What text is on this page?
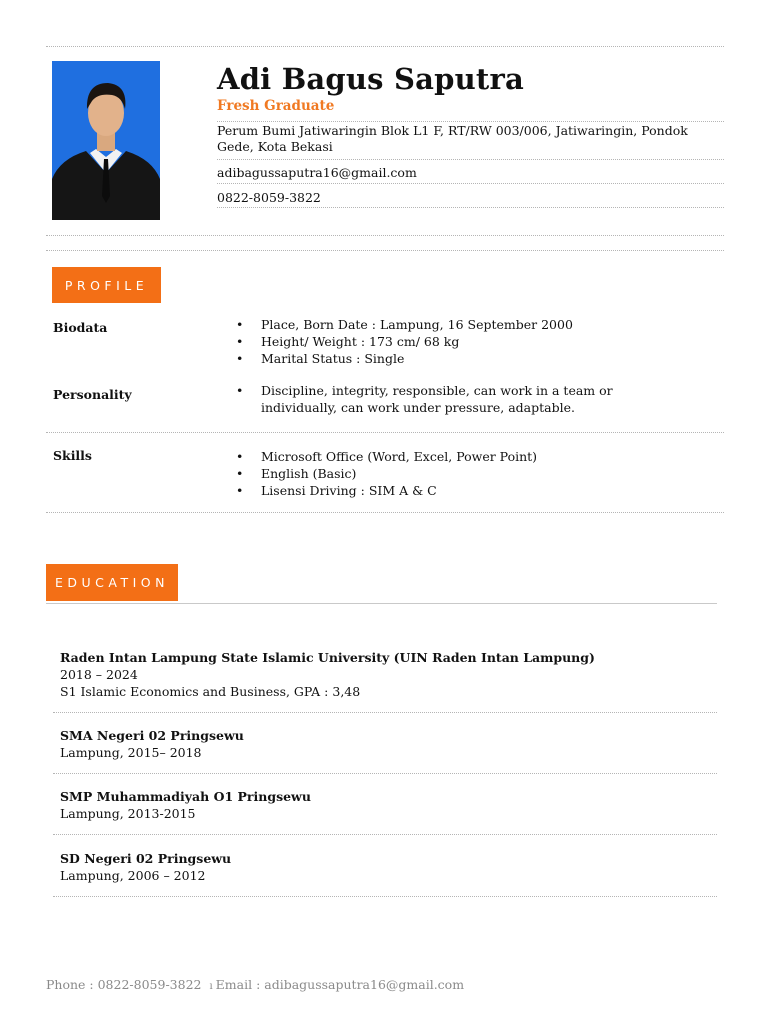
Adi Bagus Saputra
Fresh Graduate
Perum Bumi Jatiwaringin Blok L1 F, RT/RW 003/006, Jatiwaringin, Pondok Gede, Kota Bekasi
adibagussaputra16@gmail.com
0822-8059-3822
PROFILE
Biodata	• Place, Born Date : Lampung, 16 September 2000
• Height/ Weight : 173 cm/ 68 kg
• Marital Status : Single
Personality	• Discipline, integrity, responsible, can work in a team or individually, can work under pressure, adaptable.
Skills	• Microsoft Office (Word, Excel, Power Point)
• English (Basic)
• Lisensi Driving : SIM A & C
EDUCATION
Raden Intan Lampung State Islamic University (UIN Raden Intan Lampung)
2018 – 2024
S1 Islamic Economics and Business, GPA : 3,48
SMA Negeri 02 Pringsewu
Lampung, 2015– 2018
SMP Muhammadiyah O1 Pringsewu
Lampung, 2013-2015
SD Negeri 02 Pringsewu
Lampung, 2006 – 2012
Phone : 0822-8059-3822 ı Email : adibagussaputra16@gmail.com
